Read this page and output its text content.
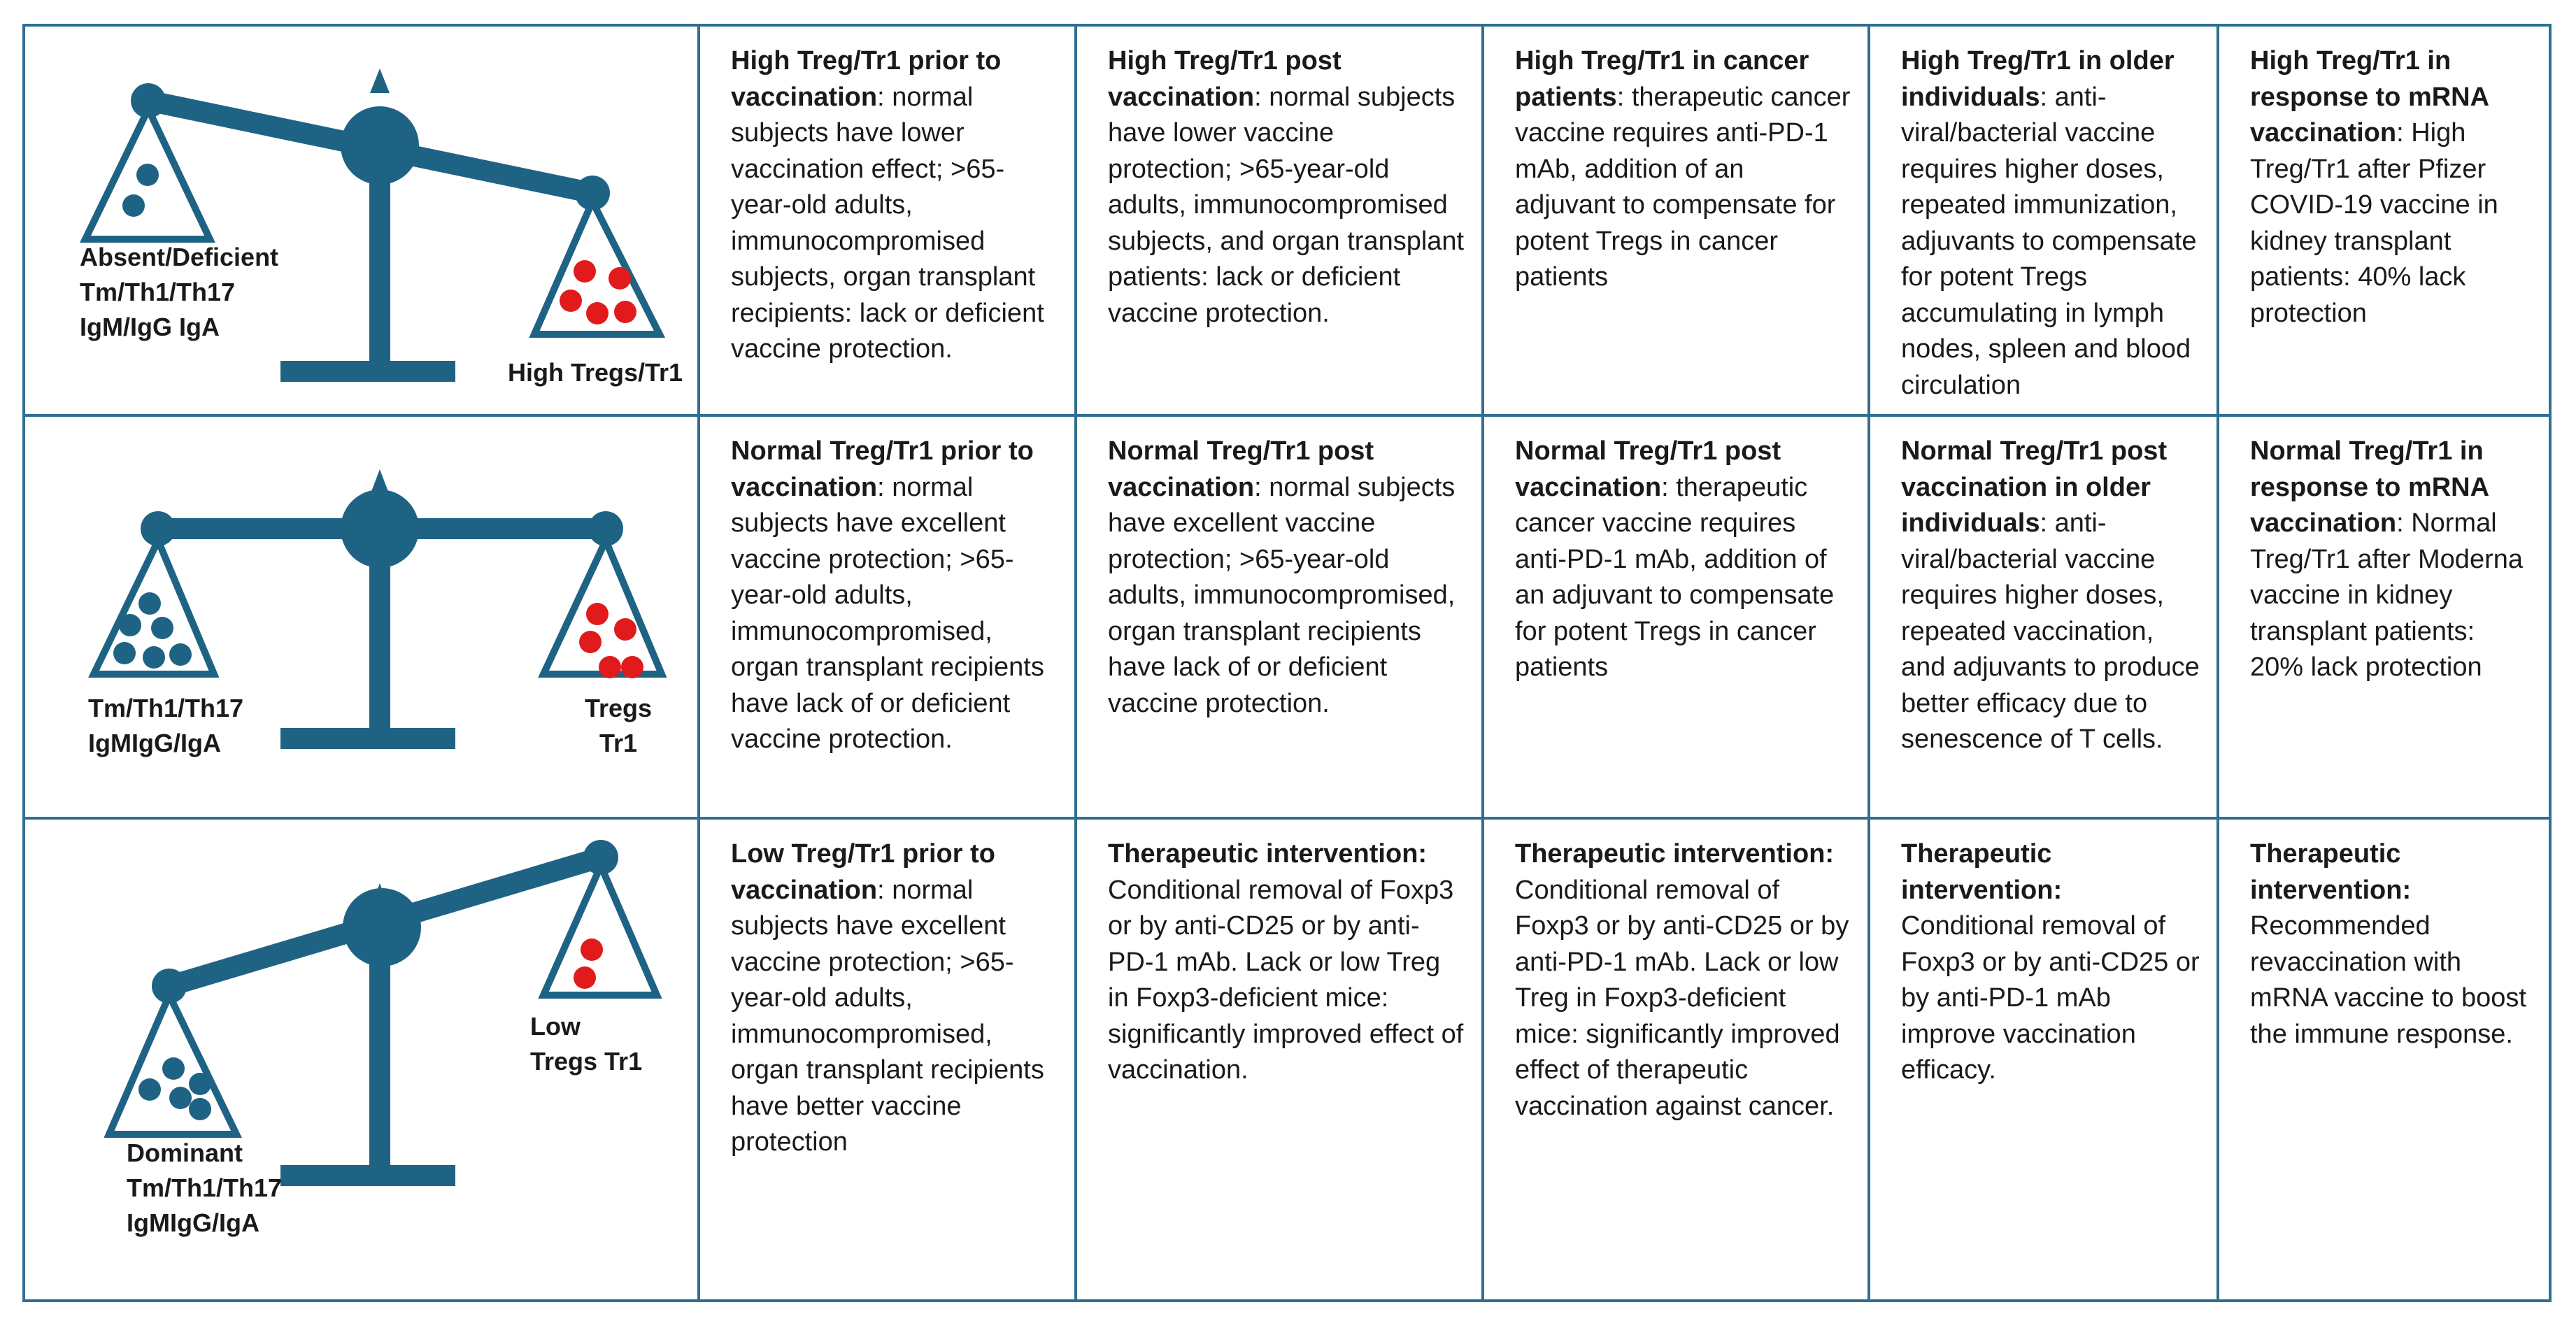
Absent/Deficient
Tm/Th1/Th17
IgM/IgG IgA
High Tregs/Tr1
High Treg/Tr1 prior to vaccination: normal subjects have lower vaccination effect; >65-year-old adults, immunocompromised subjects, organ transplant recipients: lack or deficient vaccine protection.
High Treg/Tr1 post vaccination: normal subjects have lower vaccine protection; >65-year-old adults, immunocompromised subjects, and organ transplant patients: lack or deficient vaccine protection.
High Treg/Tr1 in cancer patients: therapeutic cancer vaccine requires anti-PD-1 mAb, addition of an adjuvant to compensate for potent Tregs in cancer patients
High Treg/Tr1 in older individuals: anti-viral/bacterial vaccine requires higher doses, repeated immunization, adjuvants to compensate for potent Tregs accumulating in lymph nodes, spleen and blood circulation
High Treg/Tr1 in response to mRNA vaccination: High Treg/Tr1 after Pfizer COVID-19 vaccine in kidney transplant patients: 40% lack protection
Tm/Th1/Th17
IgMIgG/IgA
Tregs
Tr1
Normal Treg/Tr1 prior to vaccination: normal subjects have excellent vaccine protection; >65-year-old adults, immunocompromised, organ transplant recipients have lack of or deficient vaccine protection.
Normal Treg/Tr1 post vaccination: normal subjects have excellent vaccine protection; >65-year-old adults, immunocompromised, organ transplant recipients have lack of or deficient vaccine protection.
Normal Treg/Tr1 post vaccination: therapeutic cancer vaccine requires anti-PD-1 mAb, addition of an adjuvant to compensate for potent Tregs in cancer patients
Normal Treg/Tr1 post vaccination in older individuals: anti-viral/bacterial vaccine requires higher doses, repeated vaccination, and adjuvants to produce better efficacy due to senescence of T cells.
Normal Treg/Tr1 in response to mRNA vaccination: Normal Treg/Tr1 after Moderna vaccine in kidney transplant patients: 20% lack protection
Dominant
Tm/Th1/Th17
IgMIgG/IgA
Low
Tregs Tr1
Low Treg/Tr1 prior to vaccination: normal subjects have excellent vaccine protection; >65-year-old adults, immunocompromised, organ transplant recipients have better vaccine protection
Therapeutic intervention:
Conditional removal of Foxp3 or by anti-CD25 or by anti-PD-1 mAb. Lack or low Treg in Foxp3-deficient mice: significantly improved effect of vaccination.
Therapeutic intervention:
Conditional removal of Foxp3 or by anti-CD25 or by anti-PD-1 mAb. Lack or low Treg in Foxp3-deficient mice: significantly improved effect of therapeutic vaccination against cancer.
Therapeutic intervention:
Conditional removal of Foxp3 or by anti-CD25 or by anti-PD-1 mAb improve vaccination efficacy.
Therapeutic intervention:
Recommended revaccination with mRNA vaccine to boost the immune response.
